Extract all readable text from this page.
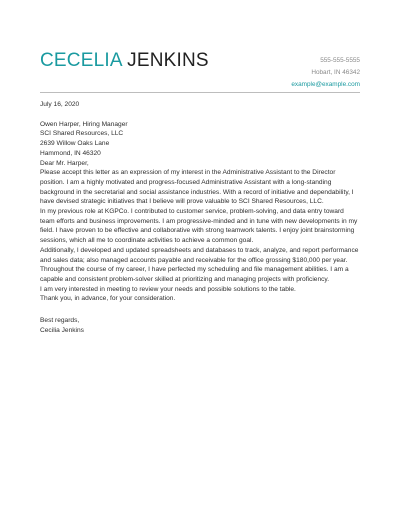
CECELIA JENKINS	555-555-5555
Hobart, IN 46342
example@example.com

July 16, 2020

Owen Harper, Hiring Manager

SCI Shared Resources, LLC

2639 Willow Oaks Lane

Hammond, IN 46320

Dear Mr. Harper,

Please accept this letter as an expression of my interest in the Administrative Assistant to the Director position. I am a highly motivated and progress-focused Administrative Assistant with a long-standing background in the secretarial and social assistance industries. With a record of initiative and dependability, I have devised strategic initiatives that I believe will prove valuable to SCI Shared Resources, LLC.

In my previous role at KGPCo. I contributed to customer service, problem-solving, and data entry toward team efforts and business improvements. I am progressive-minded and in tune with new developments in my field. I have proven to be effective and collaborative with strong teamwork talents. I enjoy joint brainstorming sessions, which all me to coordinate activities to achieve a common goal.

Additionally, I developed and updated spreadsheets and databases to track, analyze, and report performance and sales data; also managed accounts payable and receivable for the office grossing $180,000 per year.

Throughout the course of my career, I have perfected my scheduling and file management abilities. I am a capable and consistent problem-solver skilled at prioritizing and managing projects with proficiency.

I am very interested in meeting to review your needs and possible solutions to the table.

Thank you, in advance, for your consideration.

Best regards,

Cecilia Jenkins
